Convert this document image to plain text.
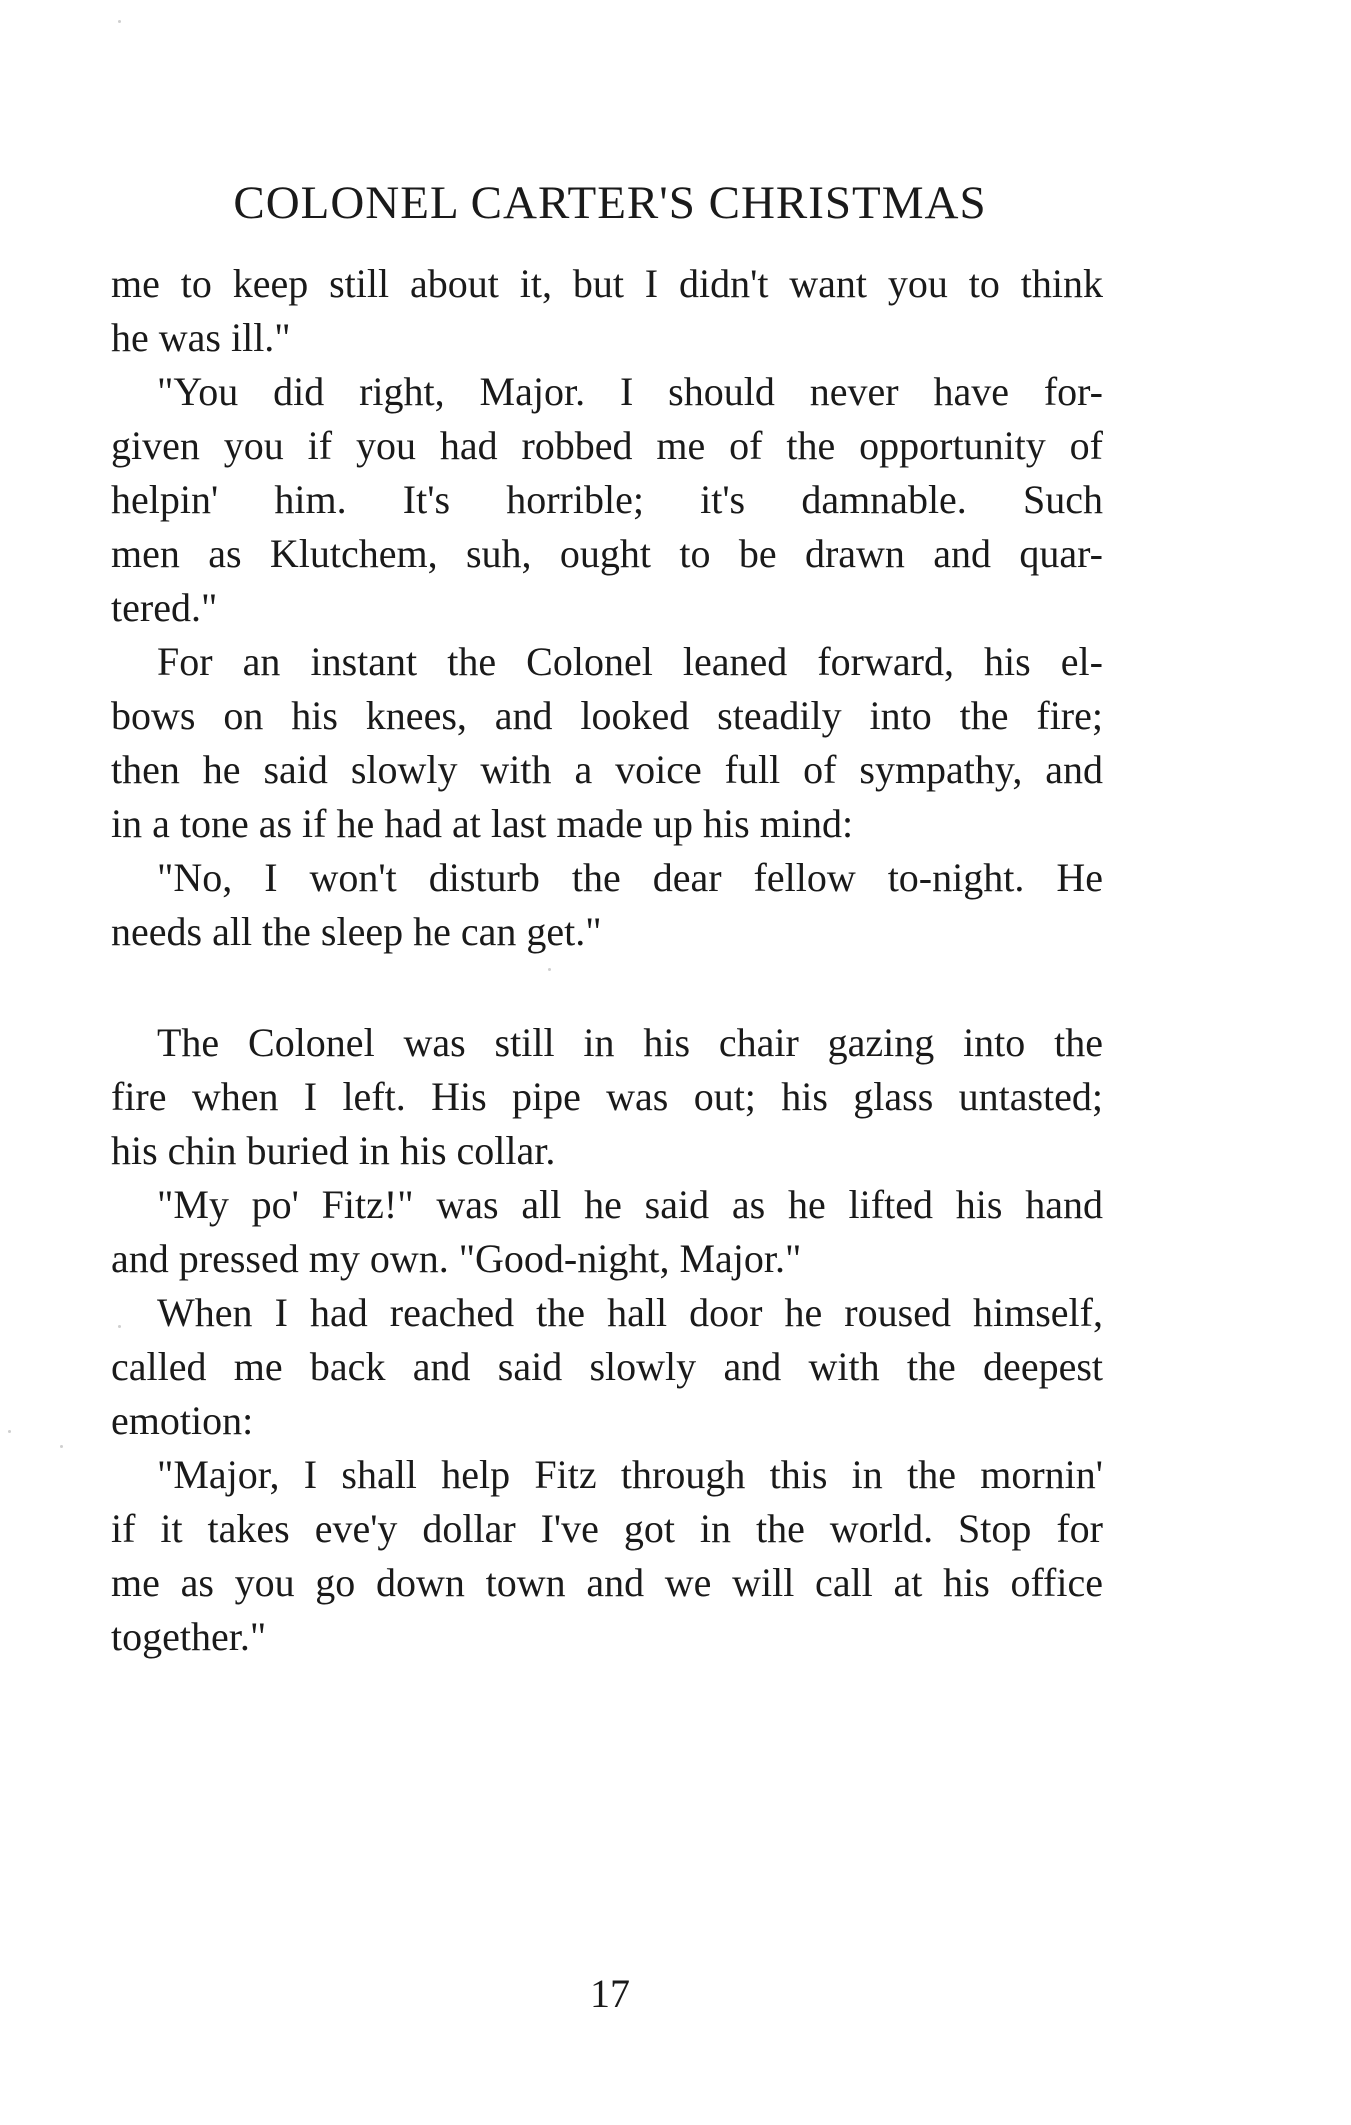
COLONEL CARTER'S CHRISTMAS
me to keep still about it, but I didn't want you to think
he was ill."
"You did right, Major. I should never have for-
given you if you had robbed me of the opportunity of
helpin' him. It's horrible; it's damnable. Such
men as Klutchem, suh, ought to be drawn and quar-
tered."
For an instant the Colonel leaned forward, his el-
bows on his knees, and looked steadily into the fire;
then he said slowly with a voice full of sympathy, and
in a tone as if he had at last made up his mind:
"No, I won't disturb the dear fellow to-night. He
needs all the sleep he can get."
The Colonel was still in his chair gazing into the
fire when I left. His pipe was out; his glass untasted;
his chin buried in his collar.
"My po' Fitz!" was all he said as he lifted his hand
and pressed my own. "Good-night, Major."
When I had reached the hall door he roused himself,
called me back and said slowly and with the deepest
emotion:
"Major, I shall help Fitz through this in the mornin'
if it takes eve'y dollar I've got in the world. Stop for
me as you go down town and we will call at his office
together."
17
